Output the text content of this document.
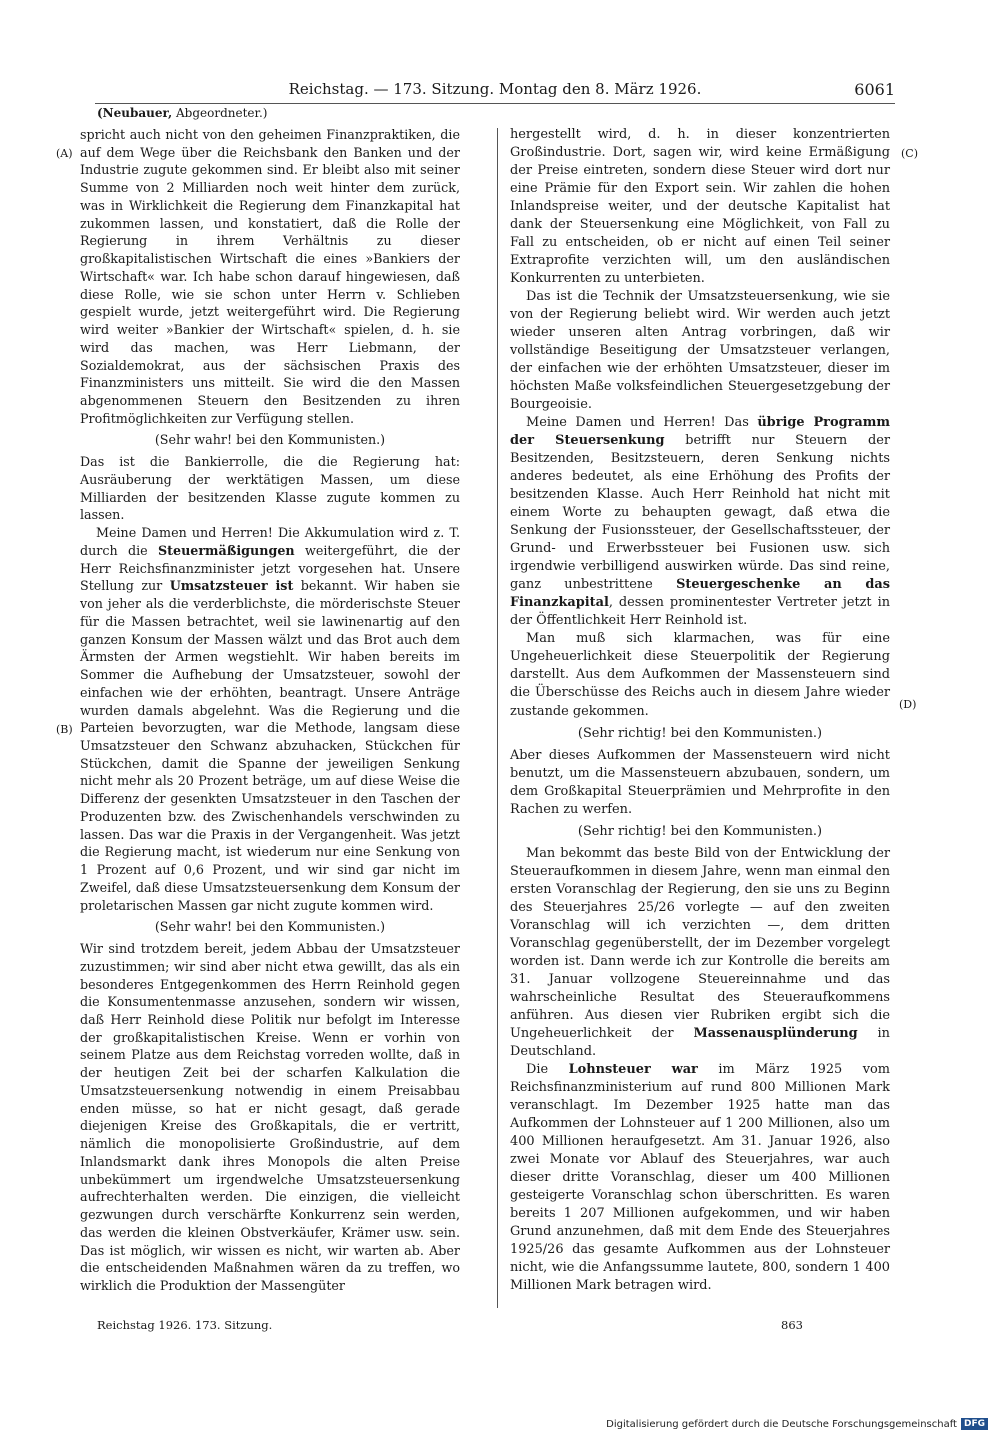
Reichstag. — 173. Sitzung. Montag den 8. März 1926.	6061
(Neubauer, Abgeordneter.)
(A)
(B)
(C)
(D)

spricht auch nicht von den geheimen Finanzpraktiken, die auf dem Wege über die Reichsbank den Banken und der Industrie zugute gekommen sind. Er bleibt also mit seiner Summe von 2 Milliarden noch weit hinter dem zurück, was in Wirklichkeit die Regierung dem Finanzkapital hat zukommen lassen, und konstatiert, daß die Rolle der Regierung in ihrem Verhältnis zu dieser großkapitalistischen Wirtschaft die eines »Bankiers der Wirtschaft« war. Ich habe schon darauf hingewiesen, daß diese Rolle, wie sie schon unter Herrn v. Schlieben gespielt wurde, jetzt weitergeführt wird. Die Regierung wird weiter »Bankier der Wirtschaft« spielen, d. h. sie wird das machen, was Herr Liebmann, der Sozialdemokrat, aus der sächsischen Praxis des Finanzministers uns mitteilt. Sie wird die den Massen abgenommenen Steuern den Besitzenden zu ihren Profitmöglichkeiten zur Verfügung stellen.

(Sehr wahr! bei den Kommunisten.)

Das ist die Bankierrolle, die die Regierung hat: Ausräuberung der werktätigen Massen, um diese Milliarden der besitzenden Klasse zugute kommen zu lassen.

Meine Damen und Herren! Die Akkumulation wird z. T. durch die Steuermäßigungen weitergeführt, die der Herr Reichsfinanzminister jetzt vorgesehen hat. Unsere Stellung zur Umsatzsteuer ist bekannt. Wir haben sie von jeher als die verderblichste, die mörderischste Steuer für die Massen betrachtet, weil sie lawinenartig auf den ganzen Konsum der Massen wälzt und das Brot auch dem Ärmsten der Armen wegstiehlt. Wir haben bereits im Sommer die Aufhebung der Umsatzsteuer, sowohl der einfachen wie der erhöhten, beantragt. Unsere Anträge wurden damals abgelehnt. Was die Regierung und die Parteien bevorzugten, war die Methode, langsam diese Umsatzsteuer den Schwanz abzuhacken, Stückchen für Stückchen, damit die Spanne der jeweiligen Senkung nicht mehr als 20 Prozent beträge, um auf diese Weise die Differenz der gesenkten Umsatzsteuer in den Taschen der Produzenten bzw. des Zwischenhandels verschwinden zu lassen. Das war die Praxis in der Vergangenheit. Was jetzt die Regierung macht, ist wiederum nur eine Senkung von 1 Prozent auf 0,6 Prozent, und wir sind gar nicht im Zweifel, daß diese Umsatzsteuersenkung dem Konsum der proletarischen Massen gar nicht zugute kommen wird.

(Sehr wahr! bei den Kommunisten.)

Wir sind trotzdem bereit, jedem Abbau der Umsatzsteuer zuzustimmen; wir sind aber nicht etwa gewillt, das als ein besonderes Entgegenkommen des Herrn Reinhold gegen die Konsumentenmasse anzusehen, sondern wir wissen, daß Herr Reinhold diese Politik nur befolgt im Interesse der großkapitalistischen Kreise. Wenn er vorhin von seinem Platze aus dem Reichstag vorreden wollte, daß in der heutigen Zeit bei der scharfen Kalkulation die Umsatzsteuersenkung notwendig in einem Preisabbau enden müsse, so hat er nicht gesagt, daß gerade diejenigen Kreise des Großkapitals, die er vertritt, nämlich die monopolisierte Großindustrie, auf dem Inlandsmarkt dank ihres Monopols die alten Preise unbekümmert um irgendwelche Umsatzsteuersenkung aufrechterhalten werden. Die einzigen, die vielleicht gezwungen durch verschärfte Konkurrenz sein werden, das werden die kleinen Obstverkäufer, Krämer usw. sein. Das ist möglich, wir wissen es nicht, wir warten ab. Aber die entscheidenden Maßnahmen wären da zu treffen, wo wirklich die Produktion der Massengüter

hergestellt wird, d. h. in dieser konzentrierten Großindustrie. Dort, sagen wir, wird keine Ermäßigung der Preise eintreten, sondern diese Steuer wird dort nur eine Prämie für den Export sein. Wir zahlen die hohen Inlandspreise weiter, und der deutsche Kapitalist hat dank der Steuersenkung eine Möglichkeit, von Fall zu Fall zu entscheiden, ob er nicht auf einen Teil seiner Extraprofite verzichten will, um den ausländischen Konkurrenten zu unterbieten.

Das ist die Technik der Umsatzsteuersenkung, wie sie von der Regierung beliebt wird. Wir werden auch jetzt wieder unseren alten Antrag vorbringen, daß wir vollständige Beseitigung der Umsatzsteuer verlangen, der einfachen wie der erhöhten Umsatzsteuer, dieser im höchsten Maße volksfeindlichen Steuergesetzgebung der Bourgeoisie.

Meine Damen und Herren! Das übrige Programm der Steuersenkung betrifft nur Steuern der Besitzenden, Besitzsteuern, deren Senkung nichts anderes bedeutet, als eine Erhöhung des Profits der besitzenden Klasse. Auch Herr Reinhold hat nicht mit einem Worte zu behaupten gewagt, daß etwa die Senkung der Fusionssteuer, der Gesellschaftssteuer, der Grund- und Erwerbssteuer bei Fusionen usw. sich irgendwie verbilligend auswirken würde. Das sind reine, ganz unbestrittene Steuergeschenke an das Finanzkapital, dessen prominentester Vertreter jetzt in der Öffentlichkeit Herr Reinhold ist.

Man muß sich klarmachen, was für eine Ungeheuerlichkeit diese Steuerpolitik der Regierung darstellt. Aus dem Aufkommen der Massensteuern sind die Überschüsse des Reichs auch in diesem Jahre wieder zustande gekommen.

(Sehr richtig! bei den Kommunisten.)

Aber dieses Aufkommen der Massensteuern wird nicht benutzt, um die Massensteuern abzubauen, sondern, um dem Großkapital Steuerprämien und Mehrprofite in den Rachen zu werfen.

(Sehr richtig! bei den Kommunisten.)

Man bekommt das beste Bild von der Entwicklung der Steueraufkommen in diesem Jahre, wenn man einmal den ersten Voranschlag der Regierung, den sie uns zu Beginn des Steuerjahres 25/26 vorlegte — auf den zweiten Voranschlag will ich verzichten —, dem dritten Voranschlag gegenüberstellt, der im Dezember vorgelegt worden ist. Dann werde ich zur Kontrolle die bereits am 31. Januar vollzogene Steuereinnahme und das wahrscheinliche Resultat des Steueraufkommens anführen. Aus diesen vier Rubriken ergibt sich die Ungeheuerlichkeit der Massenausplünderung in Deutschland.

Die Lohnsteuer war im März 1925 vom Reichsfinanzministerium auf rund 800 Millionen Mark veranschlagt. Im Dezember 1925 hatte man das Aufkommen der Lohnsteuer auf 1 200 Millionen, also um 400 Millionen heraufgesetzt. Am 31. Januar 1926, also zwei Monate vor Ablauf des Steuerjahres, war auch dieser dritte Voranschlag, dieser um 400 Millionen gesteigerte Voranschlag schon überschritten. Es waren bereits 1 207 Millionen aufgekommen, und wir haben Grund anzunehmen, daß mit dem Ende des Steuerjahres 1925/26 das gesamte Aufkommen aus der Lohnsteuer nicht, wie die Anfangssumme lautete, 800, sondern 1 400 Millionen Mark betragen wird.

Reichstag 1926. 173. Sitzung.	863
Digitalisierung gefördert durch die Deutsche Forschungsgemeinschaft DFG
